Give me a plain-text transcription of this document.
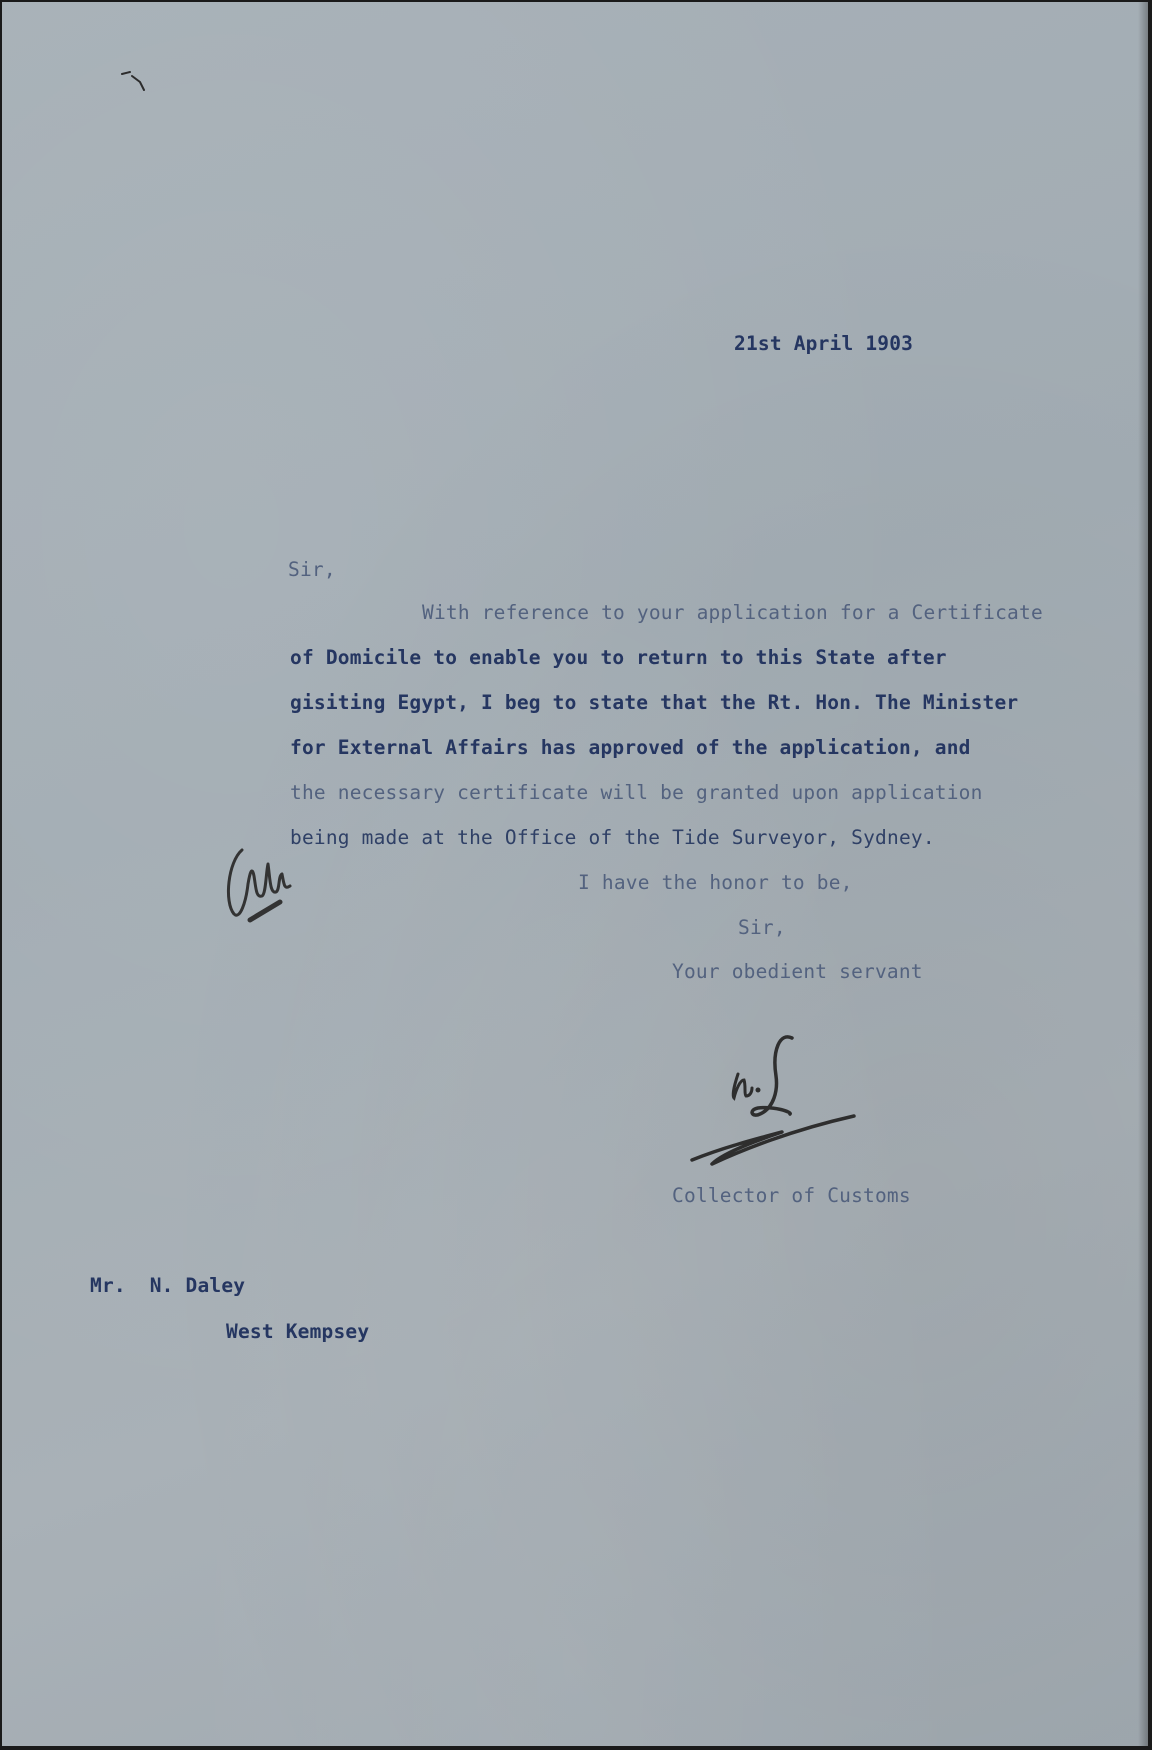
21st April 1903
Sir,
With reference to your application for a Certificate
of Domicile to enable you to return to this State after
gisiting Egypt, I beg to state that the Rt. Hon. The Minister
for External Affairs has approved of the application, and
the necessary certificate will be granted upon application
being made at the Office of the Tide Surveyor, Sydney.
I have the honor to be,
Sir,
Your obedient servant
Collector of Customs
Mr.  N. Daley
West Kempsey
